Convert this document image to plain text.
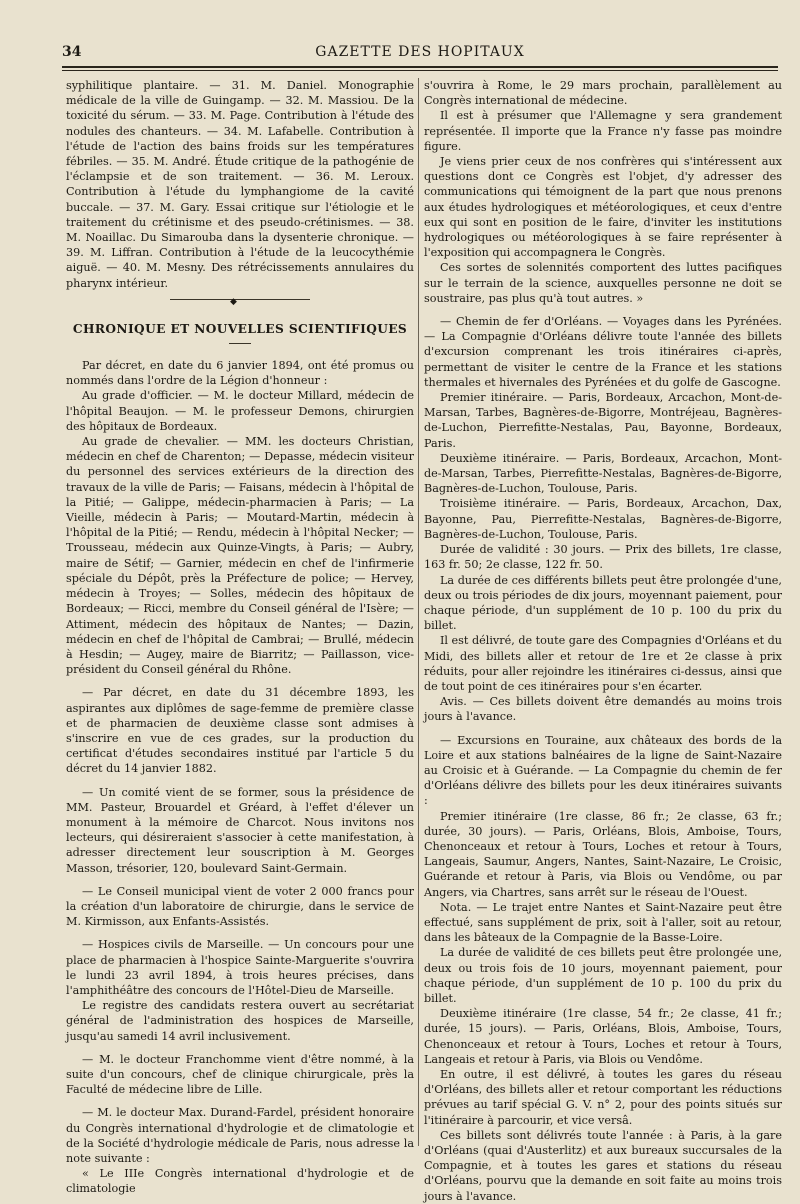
34	GAZETTE DES HOPITAUX

syphilitique plantaire. — 31. M. Daniel. Monographie médicale de la ville de Guingamp. — 32. M. Massiou. De la toxicité du sérum. — 33. M. Page. Contribution à l'étude des nodules des chanteurs. — 34. M. Lafabelle. Contribution à l'étude de l'action des bains froids sur les températures fébriles. — 35. M. André. Étude critique de la pathogénie de l'éclampsie et de son traitement. — 36. M. Leroux. Contribution à l'étude du lymphangiome de la cavité buccale. — 37. M. Gary. Essai critique sur l'étiologie et le traitement du crétinisme et des pseudo-crétinismes. — 38. M. Noaillac. Du Simarouba dans la dysenterie chronique. — 39. M. Liffran. Contribution à l'étude de la leucocythémie aiguë. — 40. M. Mesny. Des rétrécissements annulaires du pharynx intérieur.

◆
CHRONIQUE ET NOUVELLES SCIENTIFIQUES

Par décret, en date du 6 janvier 1894, ont été promus ou nommés dans l'ordre de la Légion d'honneur :

Au grade d'officier. — M. le docteur Millard, médecin de l'hôpital Beaujon. — M. le professeur Demons, chirurgien des hôpitaux de Bordeaux.

Au grade de chevalier. — MM. les docteurs Christian, médecin en chef de Charenton; — Depasse, médecin visiteur du personnel des services extérieurs de la direction des travaux de la ville de Paris; — Faisans, médecin à l'hôpital de la Pitié; — Galippe, médecin-pharmacien à Paris; — La Vieille, médecin à Paris; — Moutard-Martin, médecin à l'hôpital de la Pitié; — Rendu, médecin à l'hôpital Necker; — Trousseau, médecin aux Quinze-Vingts, à Paris; — Aubry, maire de Sétif; — Garnier, médecin en chef de l'infirmerie spéciale du Dépôt, près la Préfecture de police; — Hervey, médecin à Troyes; — Solles, médecin des hôpitaux de Bordeaux; — Ricci, membre du Conseil général de l'Isère; — Attiment, médecin des hôpitaux de Nantes; — Dazin, médecin en chef de l'hôpital de Cambrai; — Brullé, médecin à Hesdin; — Augey, maire de Biarritz; — Paillasson, vice-président du Conseil général du Rhône.

— Par décret, en date du 31 décembre 1893, les aspirantes aux diplômes de sage-femme de première classe et de pharmacien de deuxième classe sont admises à s'inscrire en vue de ces grades, sur la production du certificat d'études secondaires institué par l'article 5 du décret du 14 janvier 1882.

— Un comité vient de se former, sous la présidence de MM. Pasteur, Brouardel et Gréard, à l'effet d'élever un monument à la mémoire de Charcot. Nous invitons nos lecteurs, qui désireraient s'associer à cette manifestation, à adresser directement leur souscription à M. Georges Masson, trésorier, 120, boulevard Saint-Germain.

— Le Conseil municipal vient de voter 2 000 francs pour la création d'un laboratoire de chirurgie, dans le service de M. Kirmisson, aux Enfants-Assistés.

— Hospices civils de Marseille. — Un concours pour une place de pharmacien à l'hospice Sainte-Marguerite s'ouvrira le lundi 23 avril 1894, à trois heures précises, dans l'amphithéâtre des concours de l'Hôtel-Dieu de Marseille.

Le registre des candidats restera ouvert au secrétariat général de l'administration des hospices de Marseille, jusqu'au samedi 14 avril inclusivement.

— M. le docteur Franchomme vient d'être nommé, à la suite d'un concours, chef de clinique chirurgicale, près la Faculté de médecine libre de Lille.

— M. le docteur Max. Durand-Fardel, président honoraire du Congrès international d'hydrologie et de climatologie et de la Société d'hydrologie médicale de Paris, nous adresse la note suivante :

« Le IIIe Congrès international d'hydrologie et de climatologie

s'ouvrira à Rome, le 29 mars prochain, parallèlement au Congrès international de médecine.

Il est à présumer que l'Allemagne y sera grandement représentée. Il importe que la France n'y fasse pas moindre figure.

Je viens prier ceux de nos confrères qui s'intéressent aux questions dont ce Congrès est l'objet, d'y adresser des communications qui témoignent de la part que nous prenons aux études hydrologiques et météorologiques, et ceux d'entre eux qui sont en position de le faire, d'inviter les institutions hydrologiques ou météorologiques à se faire représenter à l'exposition qui accompagnera le Congrès.

Ces sortes de solennités comportent des luttes pacifiques sur le terrain de la science, auxquelles personne ne doit se soustraire, pas plus qu'à tout autres. »

— Chemin de fer d'Orléans. — Voyages dans les Pyrénées. — La Compagnie d'Orléans délivre toute l'année des billets d'excursion comprenant les trois itinéraires ci-après, permettant de visiter le centre de la France et les stations thermales et hivernales des Pyrénées et du golfe de Gascogne.

Premier itinéraire. — Paris, Bordeaux, Arcachon, Mont-de-Marsan, Tarbes, Bagnères-de-Bigorre, Montréjeau, Bagnères-de-Luchon, Pierrefitte-Nestalas, Pau, Bayonne, Bordeaux, Paris.

Deuxième itinéraire. — Paris, Bordeaux, Arcachon, Mont-de-Marsan, Tarbes, Pierrefitte-Nestalas, Bagnères-de-Bigorre, Bagnères-de-Luchon, Toulouse, Paris.

Troisième itinéraire. — Paris, Bordeaux, Arcachon, Dax, Bayonne, Pau, Pierrefitte-Nestalas, Bagnères-de-Bigorre, Bagnères-de-Luchon, Toulouse, Paris.

Durée de validité : 30 jours. — Prix des billets, 1re classe, 163 fr. 50; 2e classe, 122 fr. 50.

La durée de ces différents billets peut être prolongée d'une, deux ou trois périodes de dix jours, moyennant paiement, pour chaque période, d'un supplément de 10 p. 100 du prix du billet.

Il est délivré, de toute gare des Compagnies d'Orléans et du Midi, des billets aller et retour de 1re et 2e classe à prix réduits, pour aller rejoindre les itinéraires ci-dessus, ainsi que de tout point de ces itinéraires pour s'en écarter.

Avis. — Ces billets doivent être demandés au moins trois jours à l'avance.

— Excursions en Touraine, aux châteaux des bords de la Loire et aux stations balnéaires de la ligne de Saint-Nazaire au Croisic et à Guérande. — La Compagnie du chemin de fer d'Orléans délivre des billets pour les deux itinéraires suivants :

Premier itinéraire (1re classe, 86 fr.; 2e classe, 63 fr.; durée, 30 jours). — Paris, Orléans, Blois, Amboise, Tours, Chenonceaux et retour à Tours, Loches et retour à Tours, Langeais, Saumur, Angers, Nantes, Saint-Nazaire, Le Croisic, Guérande et retour à Paris, via Blois ou Vendôme, ou par Angers, via Chartres, sans arrêt sur le réseau de l'Ouest.

Nota. — Le trajet entre Nantes et Saint-Nazaire peut être effectué, sans supplément de prix, soit à l'aller, soit au retour, dans les bâteaux de la Compagnie de la Basse-Loire.

La durée de validité de ces billets peut être prolongée une, deux ou trois fois de 10 jours, moyennant paiement, pour chaque période, d'un supplément de 10 p. 100 du prix du billet.

Deuxième itinéraire (1re classe, 54 fr.; 2e classe, 41 fr.; durée, 15 jours). — Paris, Orléans, Blois, Amboise, Tours, Chenonceaux et retour à Tours, Loches et retour à Tours, Langeais et retour à Paris, via Blois ou Vendôme.

En outre, il est délivré, à toutes les gares du réseau d'Orléans, des billets aller et retour comportant les réductions prévues au tarif spécial G. V. n° 2, pour des points situés sur l'itinéraire à parcourir, et vice versâ.

Ces billets sont délivrés toute l'année : à Paris, à la gare d'Orléans (quai d'Austerlitz) et aux bureaux succursales de la Compagnie, et à toutes les gares et stations du réseau d'Orléans, pourvu que la demande en soit faite au moins trois jours à l'avance.
